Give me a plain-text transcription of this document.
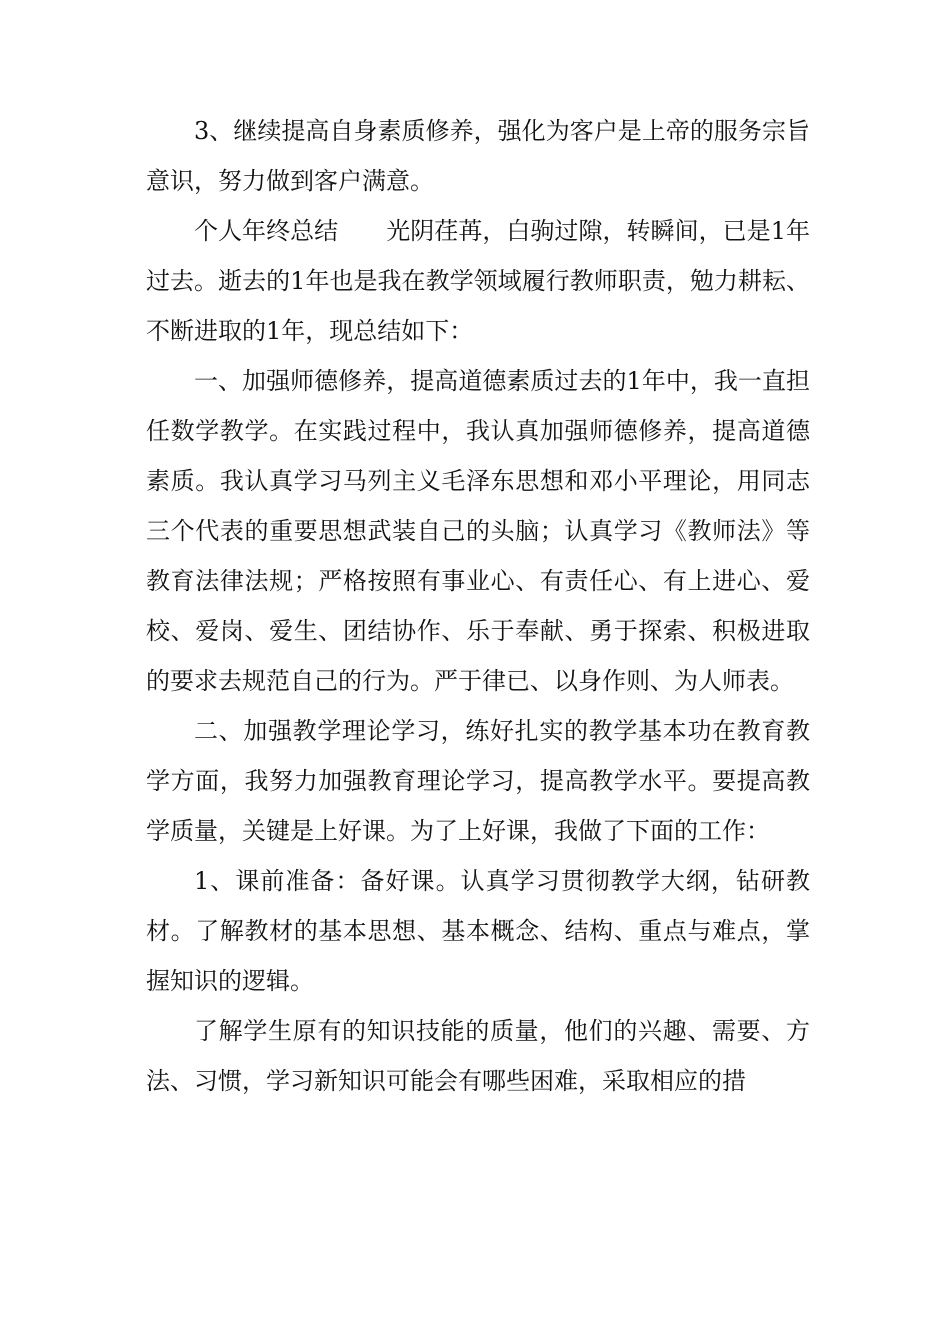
3、继续提高自身素质修养，强化为客户是上帝的服务宗旨意识，努力做到客户满意。

个人年终总结　　光阴荏苒，白驹过隙，转瞬间，已是1年过去。逝去的1年也是我在教学领域履行教师职责，勉力耕耘、不断进取的1年，现总结如下：

一、加强师德修养，提高道德素质过去的1年中，我一直担任数学教学。在实践过程中，我认真加强师德修养，提高道德素质。我认真学习马列主义毛泽东思想和邓小平理论，用同志三个代表的重要思想武装自己的头脑；认真学习《教师法》等教育法律法规；严格按照有事业心、有责任心、有上进心、爱校、爱岗、爱生、团结协作、乐于奉献、勇于探索、积极进取的要求去规范自己的行为。严于律已、以身作则、为人师表。

二、加强教学理论学习，练好扎实的教学基本功在教育教学方面，我努力加强教育理论学习，提高教学水平。要提高教学质量，关键是上好课。为了上好课，我做了下面的工作：

1、课前准备：备好课。认真学习贯彻教学大纲，钻研教材。了解教材的基本思想、基本概念、结构、重点与难点，掌握知识的逻辑。

了解学生原有的知识技能的质量，他们的兴趣、需要、方法、习惯，学习新知识可能会有哪些困难，采取相应的措
